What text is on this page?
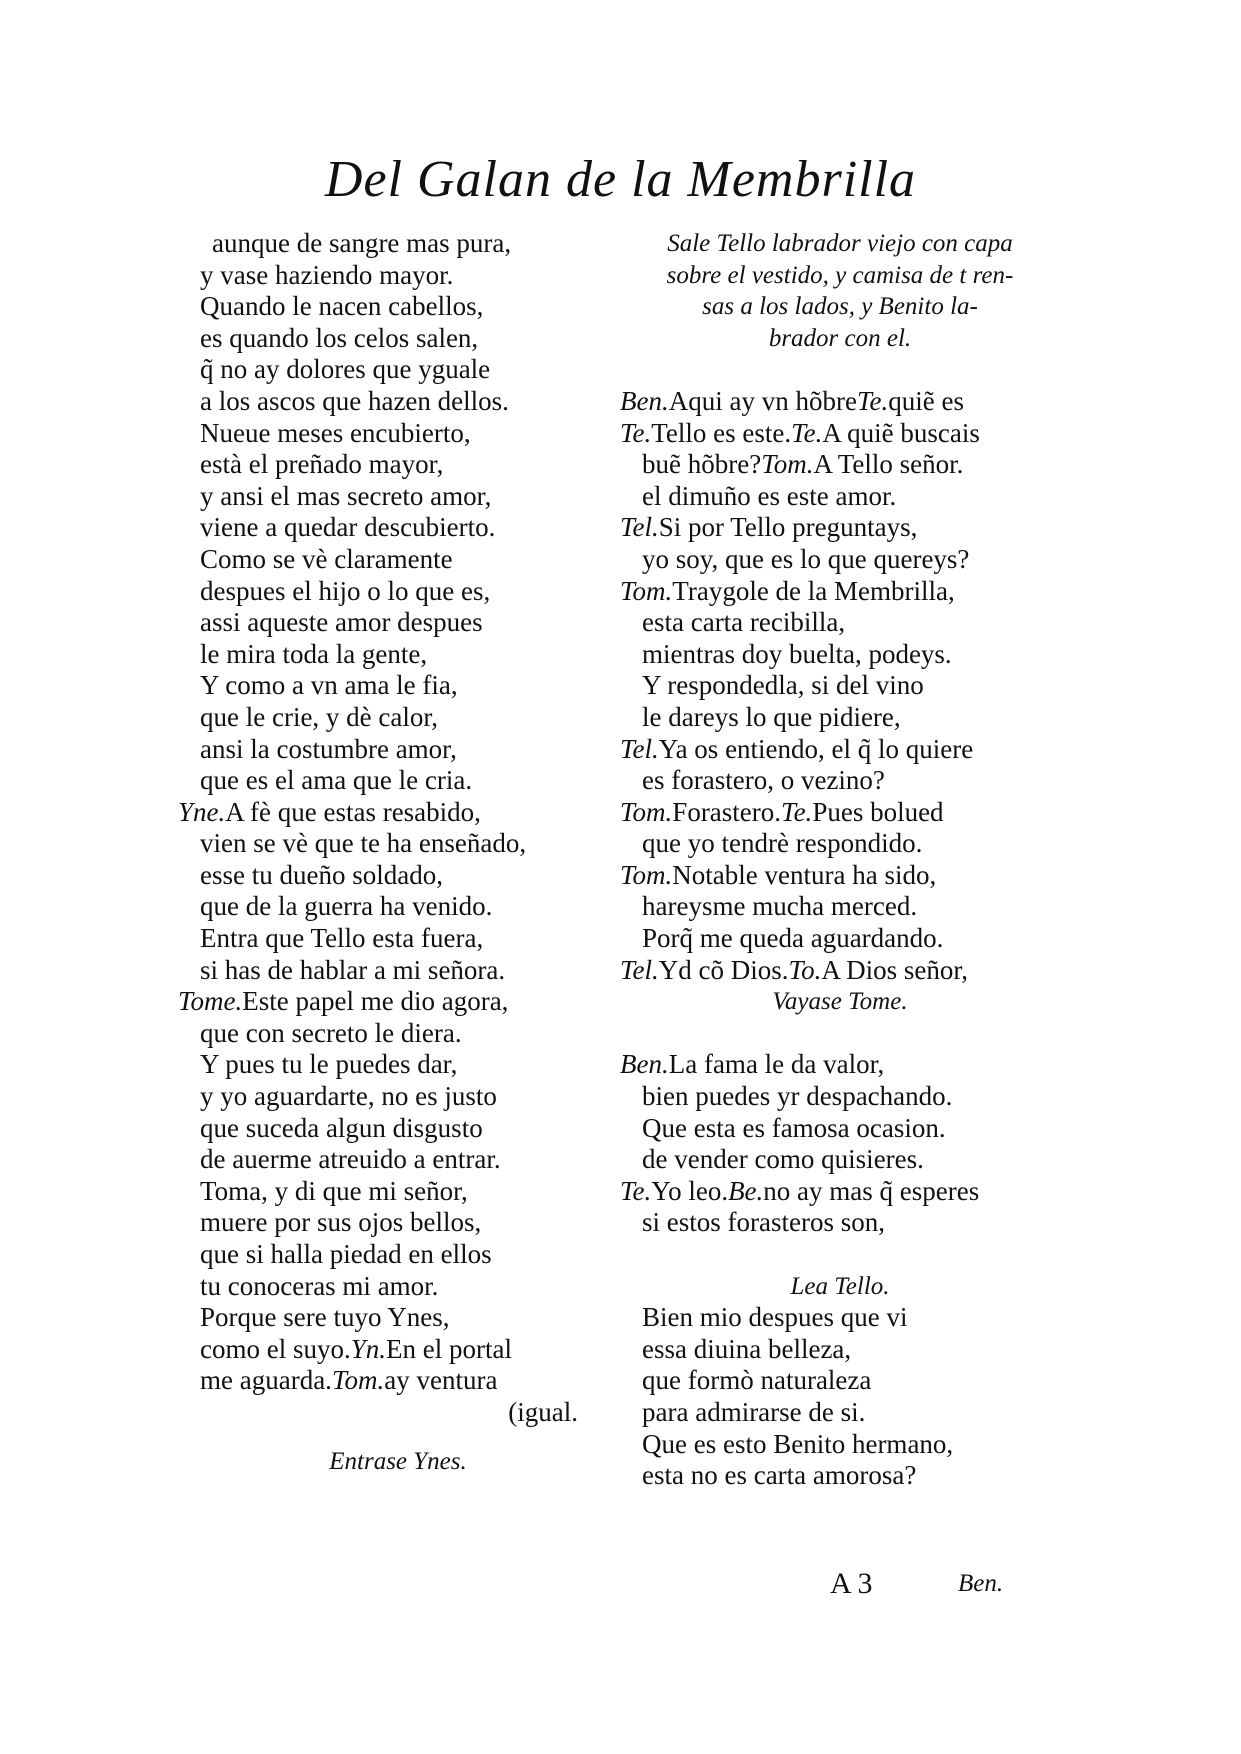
Del Galan de la Membrilla
aunque de sangre mas pura,
y vase haziendo mayor.
Quando le nacen cabellos,
es quando los celos salen,
q̃ no ay dolores que yguale
a los ascos que hazen dellos.
Nueue meses encubierto,
està el preñado mayor,
y ansi el mas secreto amor,
viene a quedar descubierto.
Como se vè claramente
despues el hijo o lo que es,
assi aqueste amor despues
le mira toda la gente,
Y como a vn ama le fia,
que le crie, y dè calor,
ansi la costumbre amor,
que es el ama que le cria.
Yne.A fè que estas resabido,
vien se vè que te ha enseñado,
esse tu dueño soldado,
que de la guerra ha venido.
Entra que Tello esta fuera,
si has de hablar a mi señora.
Tome.Este papel me dio agora,
que con secreto le diera.
Y pues tu le puedes dar,
y yo aguardarte, no es justo
que suceda algun disgusto
de auerme atreuido a entrar.
Toma, y di que mi señor,
muere por sus ojos bellos,
que si halla piedad en ellos
tu conoceras mi amor.
Porque sere tuyo Ynes,
como el suyo.Yn.En el portal
me aguarda.Tom.ay ventura
(igual.
Entrase Ynes.
Sale Tello labrador viejo con capa
sobre el vestido, y camisa de t ren-
sas a los lados, y Benito la-
brador con el.
Ben.Aqui ay vn hõbreTe.quiẽ es
Te.Tello es este.Te.A quiẽ buscais
buẽ hõbre?Tom.A Tello señor.
el dimuño es este amor.
Tel.Si por Tello preguntays,
yo soy, que es lo que quereys?
Tom.Traygole de la Membrilla,
esta carta recibilla,
mientras doy buelta, podeys.
Y respondedla, si del vino
le dareys lo que pidiere,
Tel.Ya os entiendo, el q̃ lo quiere
es forastero, o vezino?
Tom.Forastero.Te.Pues bolued
que yo tendrè respondido.
Tom.Notable ventura ha sido,
hareysme mucha merced.
Porq̃ me queda aguardando.
Tel.Yd cõ Dios.To.A Dios señor,
Vayase Tome.
Ben.La fama le da valor,
bien puedes yr despachando.
Que esta es famosa ocasion.
de vender como quisieres.
Te.Yo leo.Be.no ay mas q̃ esperes
si estos forasteros son,
Lea Tello.
Bien mio despues que vi
essa diuina belleza,
que formò naturaleza
para admirarse de si.
Que es esto Benito hermano,
esta no es carta amorosa?
A 3	Ben.
